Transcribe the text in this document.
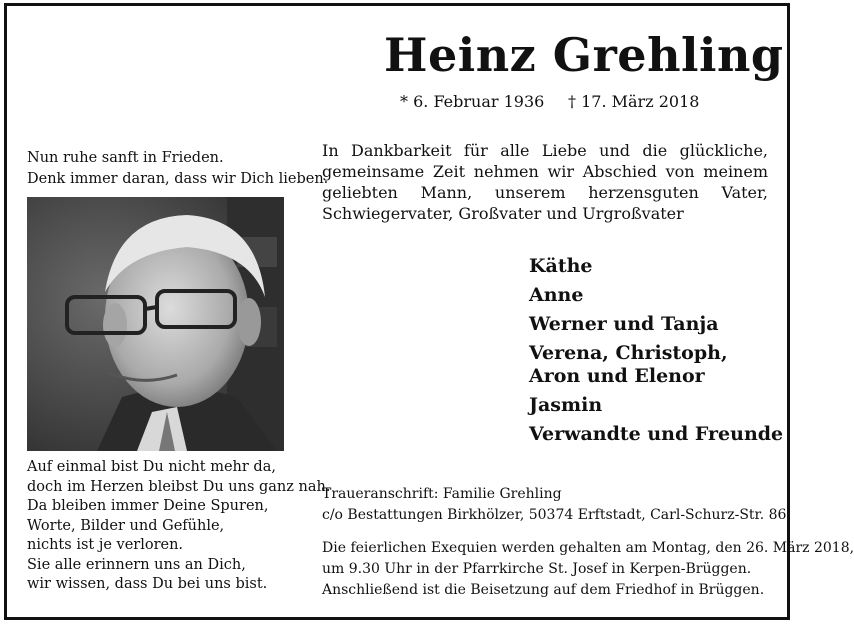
Heinz Grehling
* 6. Februar 1936 † 17. März 2018
In Dankbarkeit für alle Liebe und die glückliche, gemeinsame Zeit nehmen wir Abschied von meinem geliebten Mann, unserem herzensguten Vater, Schwiegervater, Großvater und Urgroßvater
Käthe
Anne
Werner und Tanja
Verena, Christoph,
Aron und Elenor
Jasmin
Verwandte und Freunde
Nun ruhe sanft in Frieden.
Denk immer daran, dass wir Dich lieben.
Auf einmal bist Du nicht mehr da,
doch im Herzen bleibst Du uns ganz nah.
Da bleiben immer Deine Spuren,
Worte, Bilder und Gefühle,
nichts ist je verloren.
Sie alle erinnern uns an Dich,
wir wissen, dass Du bei uns bist.
Traueranschrift: Familie Grehling
c/o Bestattungen Birkhölzer, 50374 Erftstadt, Carl-Schurz-Str. 86
Die feierlichen Exequien werden gehalten am Montag, den 26. März 2018,
um 9.30 Uhr in der Pfarrkirche St. Josef in Kerpen-Brüggen.
Anschließend ist die Beisetzung auf dem Friedhof in Brüggen.
